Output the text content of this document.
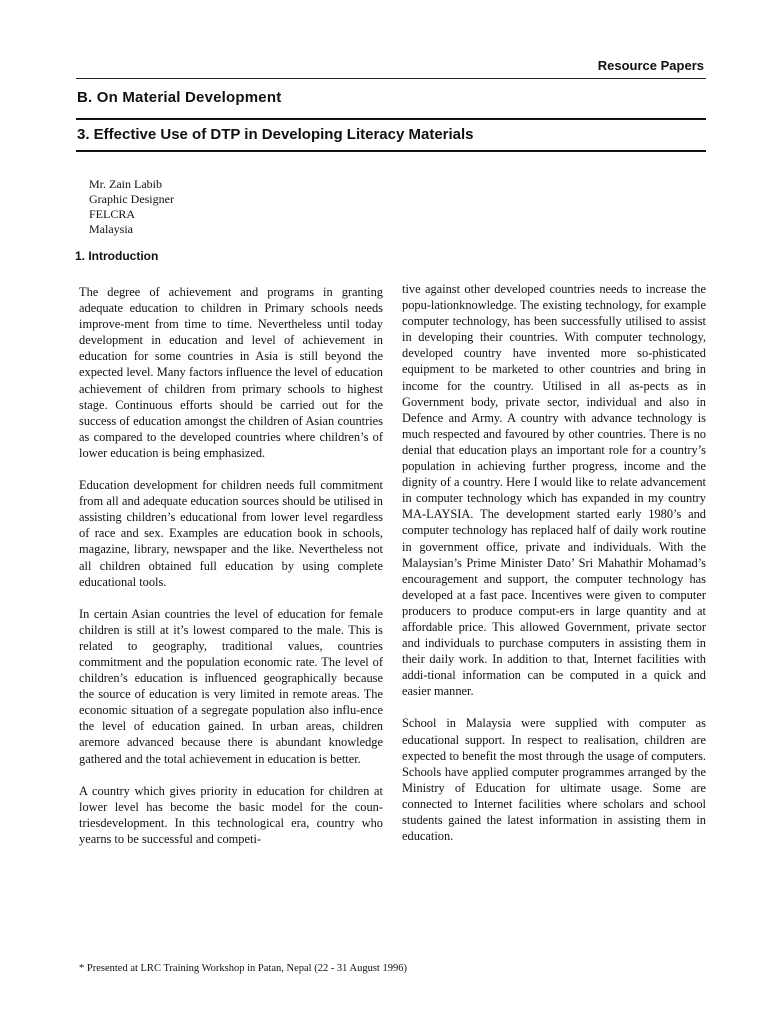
Resource Papers
B. On Material Development
3. Effective Use of DTP in Developing Literacy Materials
Mr. Zain Labib
Graphic Designer
FELCRA
Malaysia
1. Introduction

The degree of achievement and programs in granting adequate education to children in Primary schools needs improve-ment from time to time. Nevertheless until today development in education and level of achievement in education for some countries in Asia is still beyond the expected level. Many factors influence the level of education achievement of children from primary schools to highest stage. Continuous efforts should be carried out for the success of education amongst the children of Asian countries as compared to the developed countries where children’s of lower education is being emphasized.

Education development for children needs full commitment from all and adequate education sources should be utilised in assisting children’s educational from lower level regardless of race and sex. Examples are education book in schools, magazine, library, newspaper and the like. Nevertheless not all children obtained full education by using complete educational tools.

In certain Asian countries the level of education for female children is still at it’s lowest compared to the male. This is related to geography, traditional values, countries commitment and the population economic rate. The level of children’s education is influenced geographically because the source of education is very limited in remote areas. The economic situation of a segregate population also influ-ence the level of education gained. In urban areas, children aremore advanced because there is abundant knowledge gathered and the total achievement in education is better.

A country which gives priority in education for children at lower level has become the basic model for the coun-triesdevelopment. In this technological era, country who yearns to be successful and competi-

tive against other developed countries needs to increase the popu-lationknowledge. The existing technology, for example computer technology, has been successfully utilised to assist in developing their countries. With computer technology, developed country have invented more so-phisticated equipment to be marketed to other countries and bring in income for the country. Utilised in all as-pects as in Government body, private sector, individual and also in Defence and Army. A country with advance technology is much respected and favoured by other countries. There is no denial that education plays an important role for a country’s population in achieving further progress, income and the dignity of a country. Here I would like to relate advancement in computer technology which has expanded in my country MA-LAYSIA. The development started early 1980’s and computer technology has replaced half of daily work routine in government office, private and individuals. With the Malaysian’s Prime Minister Dato’ Sri Mahathir Mohamad’s encouragement and support, the computer technology has developed at a fast pace. Incentives were given to computer producers to produce comput-ers in large quantity and at affordable price. This allowed Government, private sector and individuals to purchase computers in assisting them in their daily work. In addition to that, Internet facilities with addi-tional information can be computed in a quick and easier manner.

School in Malaysia were supplied with computer as educational support. In respect to realisation, children are expected to benefit the most through the usage of computers. Schools have applied computer programmes arranged by the Ministry of Education for ultimate usage. Some are connected to Internet facilities where scholars and school students gained the latest information in assisting them in education.

* Presented at LRC Training Workshop in Patan, Nepal (22 - 31 August 1996)
